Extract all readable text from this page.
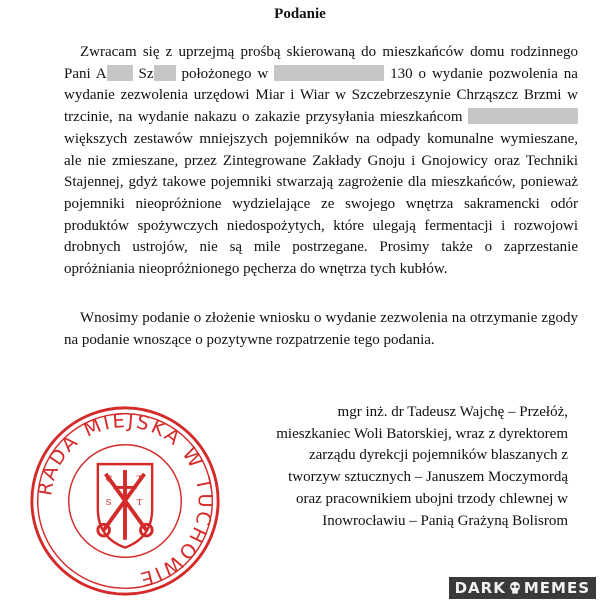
Podanie

Zwracam się z uprzejmą prośbą skierowaną do mieszkańców domu rodzinnego Pani A Sz położonego w	130 o wydanie pozwolenia na wydanie zezwolenia urzędowi Miar i Wiar w Szczebrzeszynie Chrząszcz Brzmi w trzcinie, na wydanie nakazu o zakazie przysyłania mieszkańcom  większych zestawów mniejszych pojemników na odpady komunalne wymieszane, ale nie zmieszane, przez Zintegrowane Zakłady Gnoju i Gnojowicy oraz Techniki Stajennej, gdyż takowe pojemniki stwarzają zagrożenie dla mieszkańców, ponieważ pojemniki nieopróżnione wydzielające ze swojego wnętrza sakramencki odór produktów spożywczych niedospożytych, które ulegają fermentacji i rozwojowi drobnych ustrojów, nie są mile postrzegane. Prosimy także o zaprzestanie opróżniania nieopróżnionego pęcherza do wnętrza tych kubłów.

Wnosimy podanie o złożenie wniosku o wydanie zezwolenia na otrzymanie zgody na podanie wnoszące o pozytywne rozpatrzenie tego podania.

mgr inż. dr Tadeusz Wajchę – Przełóż,
mieszkaniec Woli Batorskiej, wraz z dyrektorem
zarządu dyrekcji pojemników blaszanych z
tworzyw sztucznych – Januszem Moczymordą
oraz pracownikiem ubojni trzody chlewnej w
Inowrocławiu – Panią Grażyną Bolisrom
C	T
S	T
RADA MIEJSKA W TUCHOWIE	DARK MEMES
